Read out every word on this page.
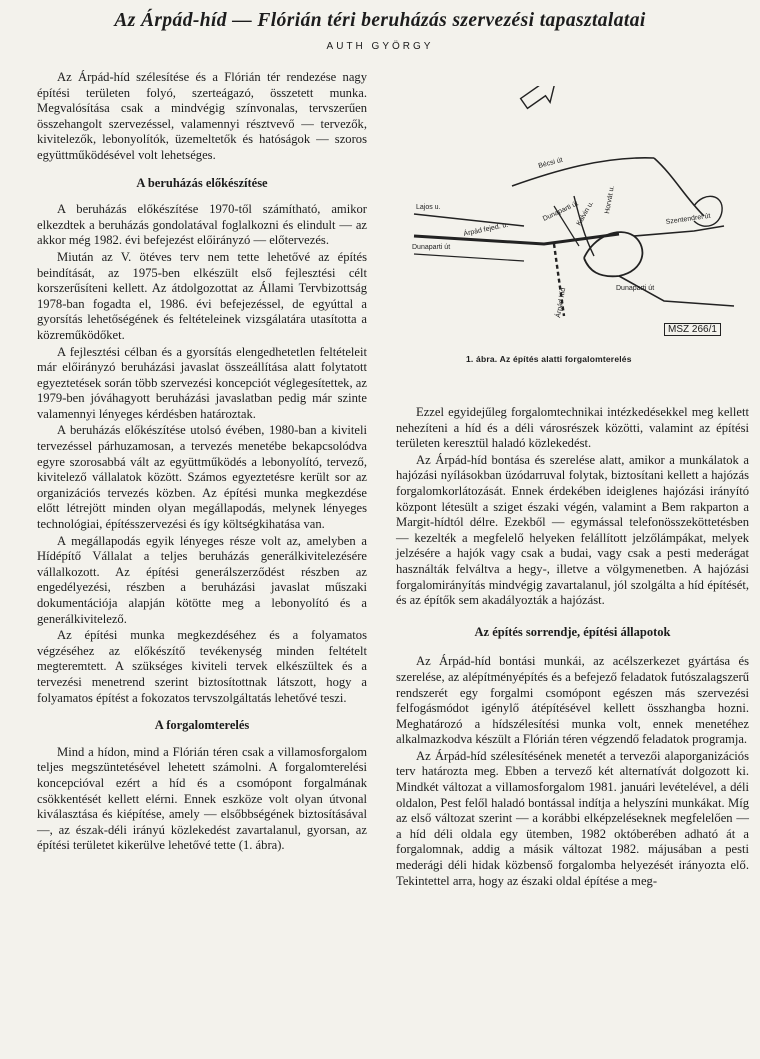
Az Árpád-híd — Flórián téri beruházás szervezési tapasztalatai
AUTH GYÖRGY

Az Árpád-híd szélesítése és a Flórián tér rendezése nagy építési területen folyó, szerteágazó, összetett munka. Megvalósítása csak a mindvégig színvonalas, tervszerűen összehangolt szervezéssel, valamennyi résztvevő — tervezők, kivitelezők, lebonyolítók, üzemeltetők és hatóságok — szoros együttműködésével volt lehetséges.

A beruházás előkészítése

A beruházás előkészítése 1970-től számítható, amikor elkezdtek a beruházás gondolatával foglalkozni és elindult — az akkor még 1982. évi befejezést előirányzó — előtervezés.

Miután az V. ötéves terv nem tette lehetővé az építés beindítását, az 1975-ben elkészült első fejlesztési célt korszerűsíteni kellett. Az átdolgozottat az Állami Tervbizottság 1978-ban fogadta el, 1986. évi befejezéssel, de egyúttal a gyorsítás lehetőségének és feltételeinek vizsgálatára utasította a közreműködőket.

A fejlesztési célban és a gyorsítás elengedhetetlen feltételeit már előirányzó beruházási javaslat összeállítása alatt folytatott egyeztetések során több szervezési koncepciót véglegesítettek, az 1979-ben jóváhagyott beruházási javaslatban pedig már szinte valamennyi lényeges kérdésben határoztak.

A beruházás előkészítése utolsó évében, 1980-ban a kiviteli tervezéssel párhuzamosan, a tervezés menetébe bekapcsolódva egyre szorosabbá vált az együttműködés a lebonyolító, tervező, kivitelező vállalatok között. Számos egyeztetésre került sor az organizációs tervezés közben. Az építési munka megkezdése előtt létrejött minden olyan megállapodás, melynek lényeges technológiai, építésszervezési és így költségkihatása van.

A megállapodás egyik lényeges része volt az, amelyben a Hídépítő Vállalat a teljes beruházás generálkivitelezésére vállalkozott. Az építési generálszerződést részben az engedélyezési, részben a beruházási javaslat műszaki dokumentációja alapján kötötte meg a lebonyolító és a generálkivitelező.

Az építési munka megkezdéséhez és a folyamatos végzéséhez az előkészítő tevékenység minden feltételt megteremtett. A szükséges kiviteli tervek elkészültek és a tervezési menetrend szerint biztosítottnak látszott, hogy a folyamatos építést a fokozatos tervszolgáltatás lehetővé teszi.

A forgalomterelés

Mind a hídon, mind a Flórián téren csak a villamosforgalom teljes megszüntetésével lehetett számolni. A forgalomterelési koncepcióval ezért a híd és a csomópont forgalmának csökkentését kellett elérni. Ennek eszköze volt olyan útvonal kiválasztása és kiépítése, amely — elsőbbségének biztosításával —, az észak-déli irányú közlekedést zavartalanul, gyorsan, az építési területet kikerülve lehetővé tette (1. ábra).

Bécsi út
Lajos u.
Árpád fejed. u.
Dunaparti út
Szentendrei út
Dunaparti út
Árpád híd
Kalvin u. Horvát u.
Dunaparti út
MSZ 266/1
1. ábra. Az építés alatti forgalomterelés

Ezzel egyidejűleg forgalomtechnikai intézkedésekkel meg kellett nehezíteni a híd és a déli városrészek közötti, valamint az építési területen keresztül haladó közlekedést.

Az Árpád-híd bontása és szerelése alatt, amikor a munkálatok a hajózási nyílásokban üzódarruval folytak, biztosítani kellett a hajózás forgalomkorlátozását. Ennek érdekében ideiglenes hajózási irányító központ létesült a sziget északi végén, valamint a Bem rakparton a Margit-hídtól délre. Ezekből — egymással telefonösszeköttetésben — kezelték a megfelelő helyeken felállított jelzőlámpákat, melyek jelzésére a hajók vagy csak a budai, vagy csak a pesti mederágat használták felváltva a hegy-, illetve a völgymenetben. A hajózási forgalomirányítás mindvégig zavartalanul, jól szolgálta a híd építését, és az építők sem akadályozták a hajózást.

Az építés sorrendje, építési állapotok

Az Árpád-híd bontási munkái, az acélszerkezet gyártása és szerelése, az alépítményépítés és a befejező feladatok futószalagszerű rendszerét egy forgalmi csomópont egészen más szervezési felfogásmódot igénylő átépítésével kellett összhangba hozni. Meghatározó a hídszélesítési munka volt, ennek menetéhez alkalmazkodva készült a Flórián téren végzendő feladatok programja.

Az Árpád-híd szélesítésének menetét a tervezői alaporganizációs terv határozta meg. Ebben a tervező két alternatívát dolgozott ki. Mindkét változat a villamosforgalom 1981. januári levételével, a déli oldalon, Pest felől haladó bontással indítja a helyszíni munkákat. Míg az első változat szerint — a korábbi elképzeléseknek megfelelően — a híd déli oldala egy ütemben, 1982 októberében adható át a forgalomnak, addig a másik változat 1982. májusában a pesti mederági déli hidak közbenső forgalomba helyezését irányozta elő. Tekintettel arra, hogy az északi oldal építése a meg-
